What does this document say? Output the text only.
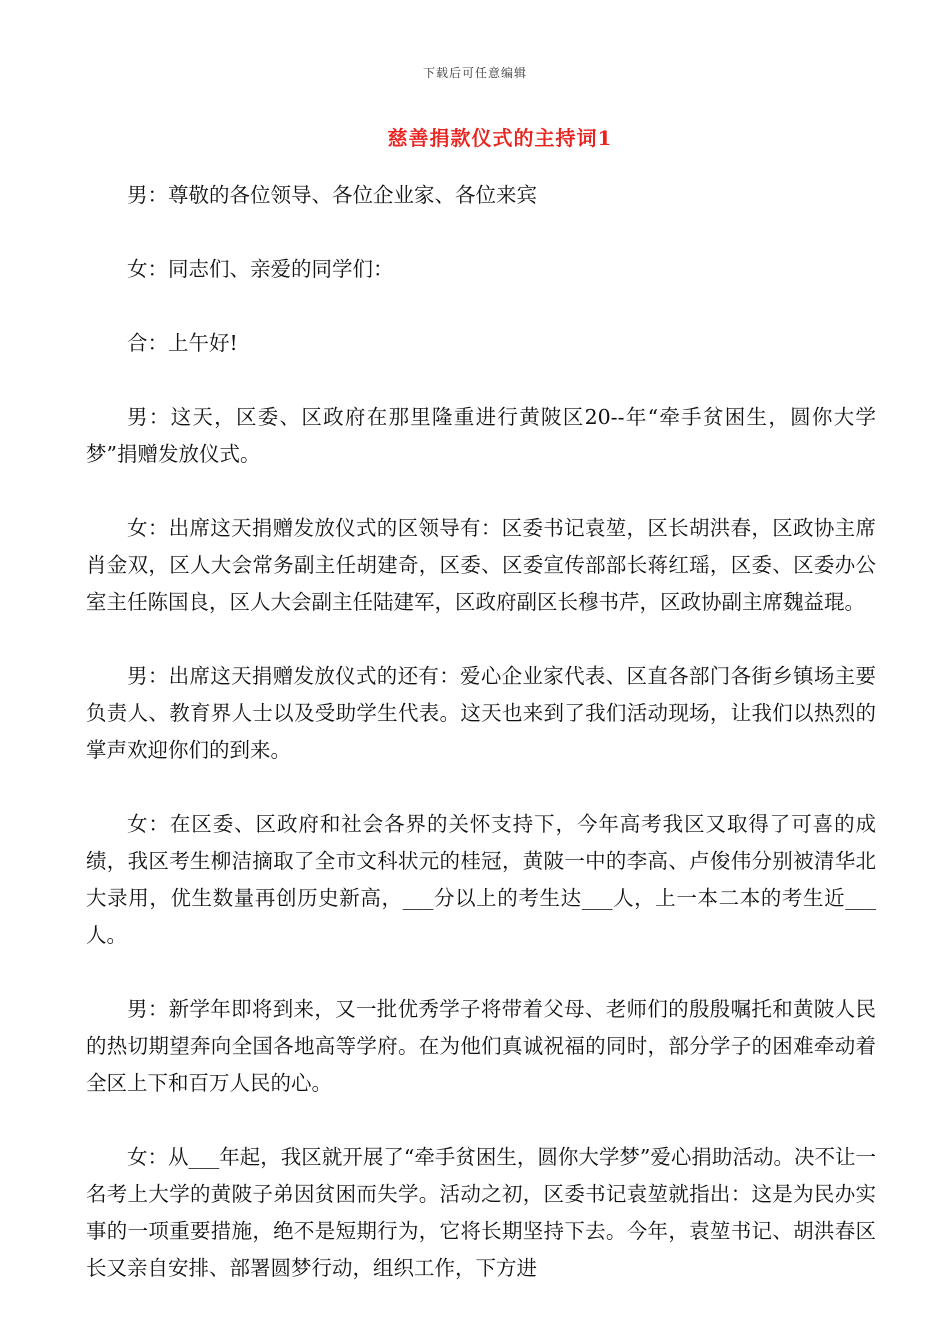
下载后可任意编辑
慈善捐款仪式的主持词1

男：尊敬的各位领导、各位企业家、各位来宾

女：同志们、亲爱的同学们：

合：上午好!

男：这天，区委、区政府在那里隆重进行黄陂区20--年“牵手贫困生，圆你大学梦”捐赠发放仪式。

女：出席这天捐赠发放仪式的区领导有：区委书记袁堃，区长胡洪春，区政协主席肖金双，区人大会常务副主任胡建奇，区委、区委宣传部部长蒋红瑶，区委、区委办公室主任陈国良，区人大会副主任陆建军，区政府副区长穆书芹，区政协副主席魏益琨。

男：出席这天捐赠发放仪式的还有：爱心企业家代表、区直各部门各街乡镇场主要负责人、教育界人士以及受助学生代表。这天也来到了我们活动现场，让我们以热烈的掌声欢迎你们的到来。

女：在区委、区政府和社会各界的关怀支持下，今年高考我区又取得了可喜的成绩，我区考生柳洁摘取了全市文科状元的桂冠，黄陂一中的李高、卢俊伟分别被清华北大录用，优生数量再创历史新高，___分以上的考生达___人，上一本二本的考生近___人。

男：新学年即将到来，又一批优秀学子将带着父母、老师们的殷殷嘱托和黄陂人民的热切期望奔向全国各地高等学府。在为他们真诚祝福的同时，部分学子的困难牵动着全区上下和百万人民的心。

女：从___年起，我区就开展了“牵手贫困生，圆你大学梦”爱心捐助活动。决不让一名考上大学的黄陂子弟因贫困而失学。活动之初，区委书记袁堃就指出：这是为民办实事的一项重要措施，绝不是短期行为，它将长期坚持下去。今年，袁堃书记、胡洪春区长又亲自安排、部署圆梦行动，组织工作，下方进
